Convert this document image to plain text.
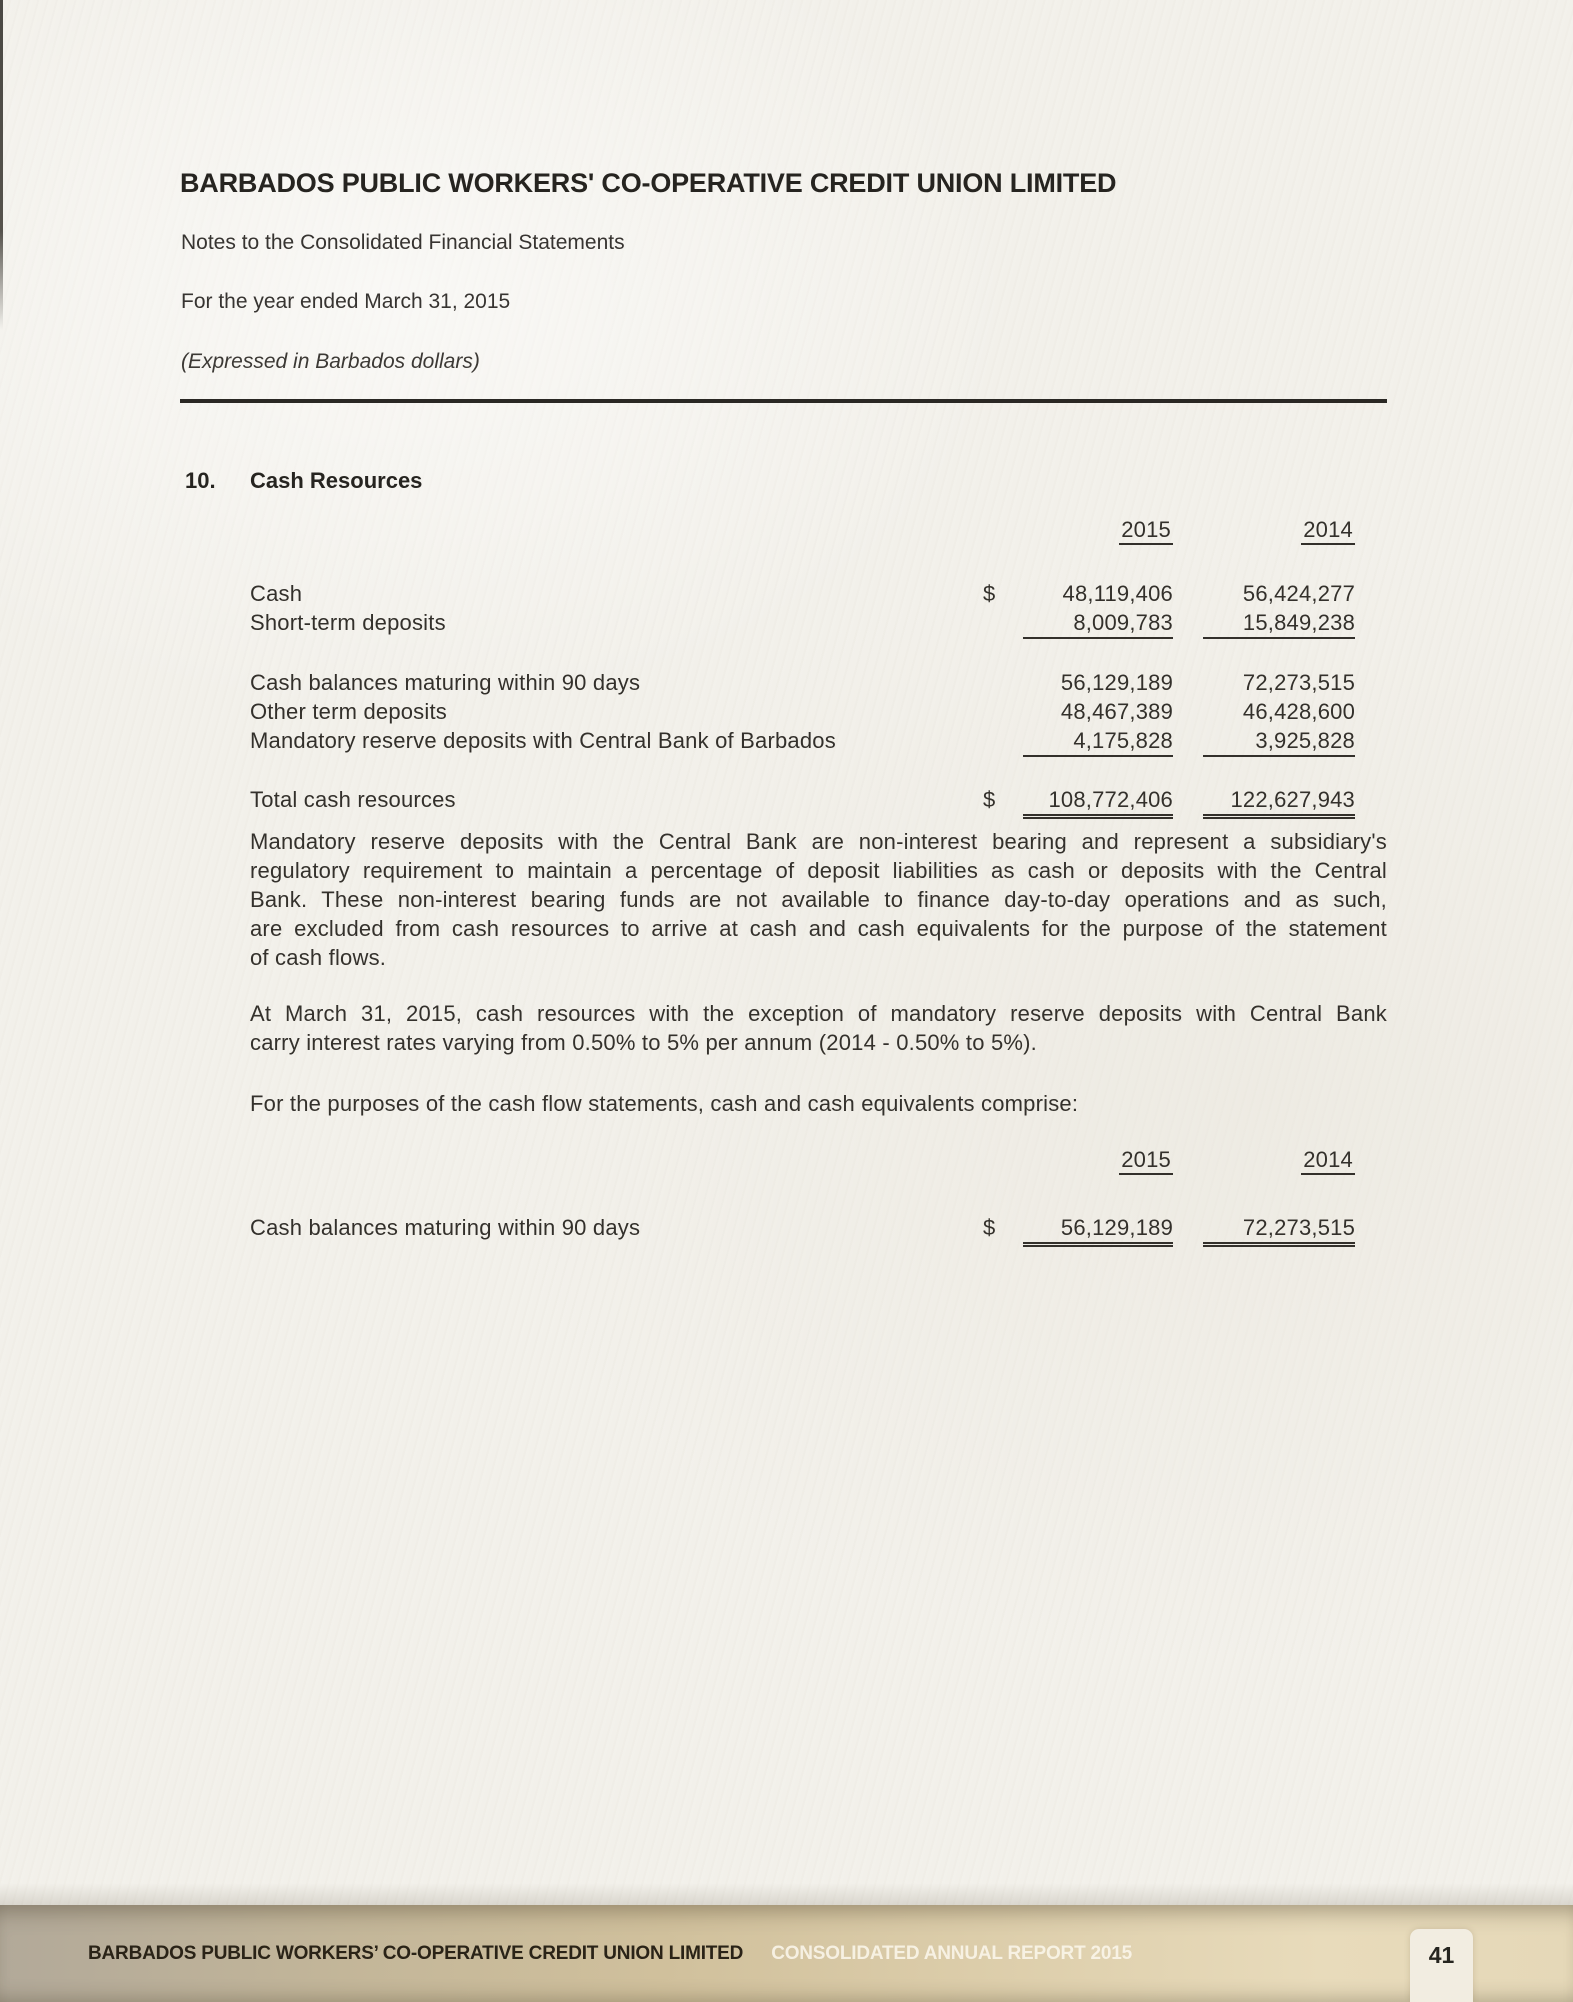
BARBADOS PUBLIC WORKERS' CO-OPERATIVE CREDIT UNION LIMITED
Notes to the Consolidated Financial Statements
For the year ended March 31, 2015
(Expressed in Barbados dollars)
10. Cash Resources
2015	2014
Cash	$	48,119,406	56,424,277
Short-term deposits	8,009,783	15,849,238
Cash balances maturing within 90 days	56,129,189	72,273,515
Other term deposits	48,467,389	46,428,600
Mandatory reserve deposits with Central Bank of Barbados	4,175,828	3,925,828
Total cash resources	$	108,772,406	122,627,943
Mandatory reserve deposits with the Central Bank are non-interest bearing and represent a subsidiary's
regulatory requirement to maintain a percentage of deposit liabilities as cash or deposits with the Central
Bank. These non-interest bearing funds are not available to finance day-to-day operations and as such,
are excluded from cash resources to arrive at cash and cash equivalents for the purpose of the statement
of cash flows.
At March 31, 2015, cash resources with the exception of mandatory reserve deposits with Central Bank
carry interest rates varying from 0.50% to 5% per annum (2014 - 0.50% to 5%).
For the purposes of the cash flow statements, cash and cash equivalents comprise:
2015	2014
Cash balances maturing within 90 days	$	56,129,189	72,273,515
BARBADOS PUBLIC WORKERS’ CO-OPERATIVE CREDIT UNION LIMITED CONSOLIDATED ANNUAL REPORT 2015	41
